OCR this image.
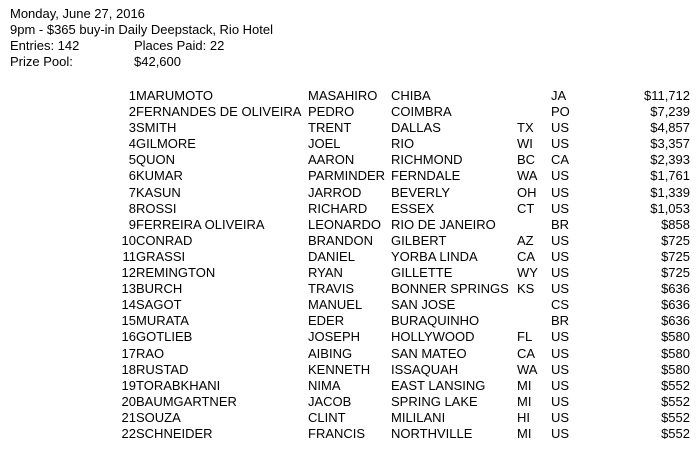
Monday, June 27, 2016
9pm - $365 buy-in Daily Deepstack, Rio Hotel
Entries: 142	Places Paid: 22
Prize Pool:	$42,600
1	MARUMOTO	MASAHIRO	CHIBA		JA	$11,712
2	FERNANDES DE OLIVEIRA	PEDRO	COIMBRA		PO	$7,239
3	SMITH	TRENT	DALLAS	TX	US	$4,857
4	GILMORE	JOEL	RIO	WI	US	$3,357
5	QUON	AARON	RICHMOND	BC	CA	$2,393
6	KUMAR	PARMINDER	FERNDALE	WA	US	$1,761
7	KASUN	JARROD	BEVERLY	OH	US	$1,339
8	ROSSI	RICHARD	ESSEX	CT	US	$1,053
9	FERREIRA OLIVEIRA	LEONARDO	RIO DE JANEIRO		BR	$858
10	CONRAD	BRANDON	GILBERT	AZ	US	$725
11	GRASSI	DANIEL	YORBA LINDA	CA	US	$725
12	REMINGTON	RYAN	GILLETTE	WY	US	$725
13	BURCH	TRAVIS	BONNER SPRINGS	KS	US	$636
14	SAGOT	MANUEL	SAN JOSE		CS	$636
15	MURATA	EDER	BURAQUINHO		BR	$636
16	GOTLIEB	JOSEPH	HOLLYWOOD	FL	US	$580
17	RAO	AIBING	SAN MATEO	CA	US	$580
18	RUSTAD	KENNETH	ISSAQUAH	WA	US	$580
19	TORABKHANI	NIMA	EAST LANSING	MI	US	$552
20	BAUMGARTNER	JACOB	SPRING LAKE	MI	US	$552
21	SOUZA	CLINT	MILILANI	HI	US	$552
22	SCHNEIDER	FRANCIS	NORTHVILLE	MI	US	$552
